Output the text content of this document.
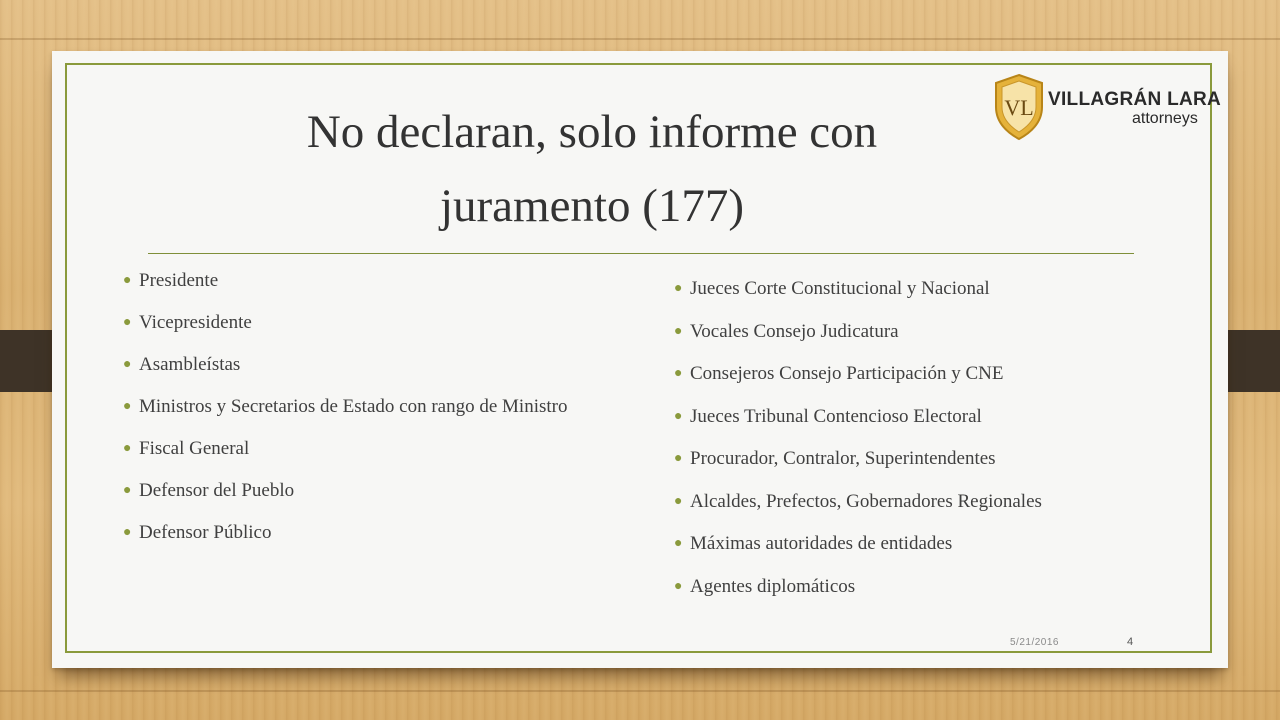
No declaran, solo informe con juramento (177)
VL VILLAGRÁN LARA
attorneys
● Presidente
● Vicepresidente
● Asambleístas
● Ministros y Secretarios de Estado con rango de Ministro
● Fiscal General
● Defensor del Pueblo
● Defensor Público
● Jueces Corte Constitucional y Nacional
● Vocales Consejo Judicatura
● Consejeros Consejo Participación y CNE
● Jueces Tribunal Contencioso Electoral
● Procurador, Contralor, Superintendentes
● Alcaldes, Prefectos, Gobernadores Regionales
● Máximas autoridades de entidades
● Agentes diplomáticos
5/21/2016	4
